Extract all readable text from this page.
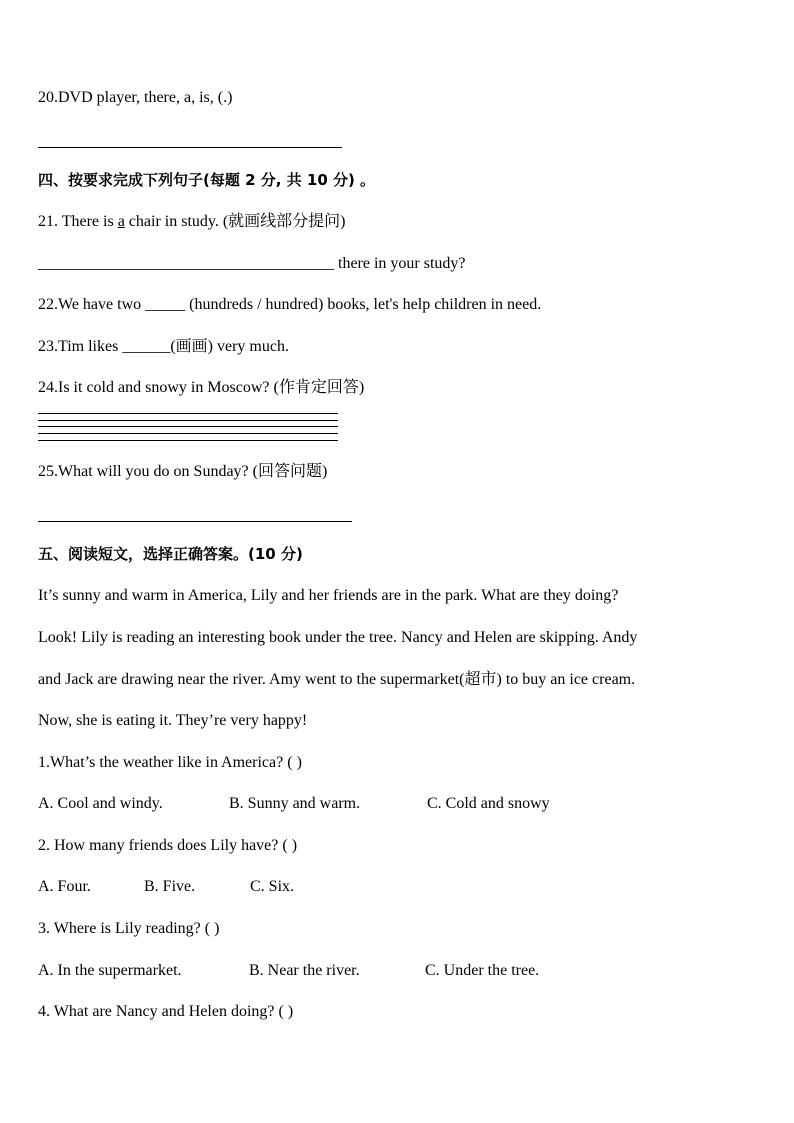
20.DVD player, there, a, is, (.)
四、按要求完成下列句子(每题 2 分, 共 10 分) 。
21. There is a chair in study. (就画线部分提问)
_____________________________________ there in your study?
22.We have two _____ (hundreds / hundred) books, let's help children in need.
23.Tim likes ______(画画) very much.
24.Is it cold and snowy in Moscow? (作肯定回答)
25.What will you do on Sunday? (回答问题)
五、阅读短文，选择正确答案。(10 分)
It’s sunny and warm in America, Lily and her friends are in the park. What are they doing?
Look! Lily is reading an interesting book under the tree. Nancy and Helen are skipping. Andy
and Jack are drawing near the river. Amy went to the supermarket(超市) to buy an ice cream.
Now, she is eating it. They’re very happy!
1.What’s the weather like in America? ( )
A. Cool and windy.	B. Sunny and warm.	C. Cold and snowy
2. How many friends does Lily have? ( )
A. Four.	B. Five.	C. Six.
3. Where is Lily reading? ( )
A. In the supermarket.	B. Near the river.	C. Under the tree.
4. What are Nancy and Helen doing? ( )
